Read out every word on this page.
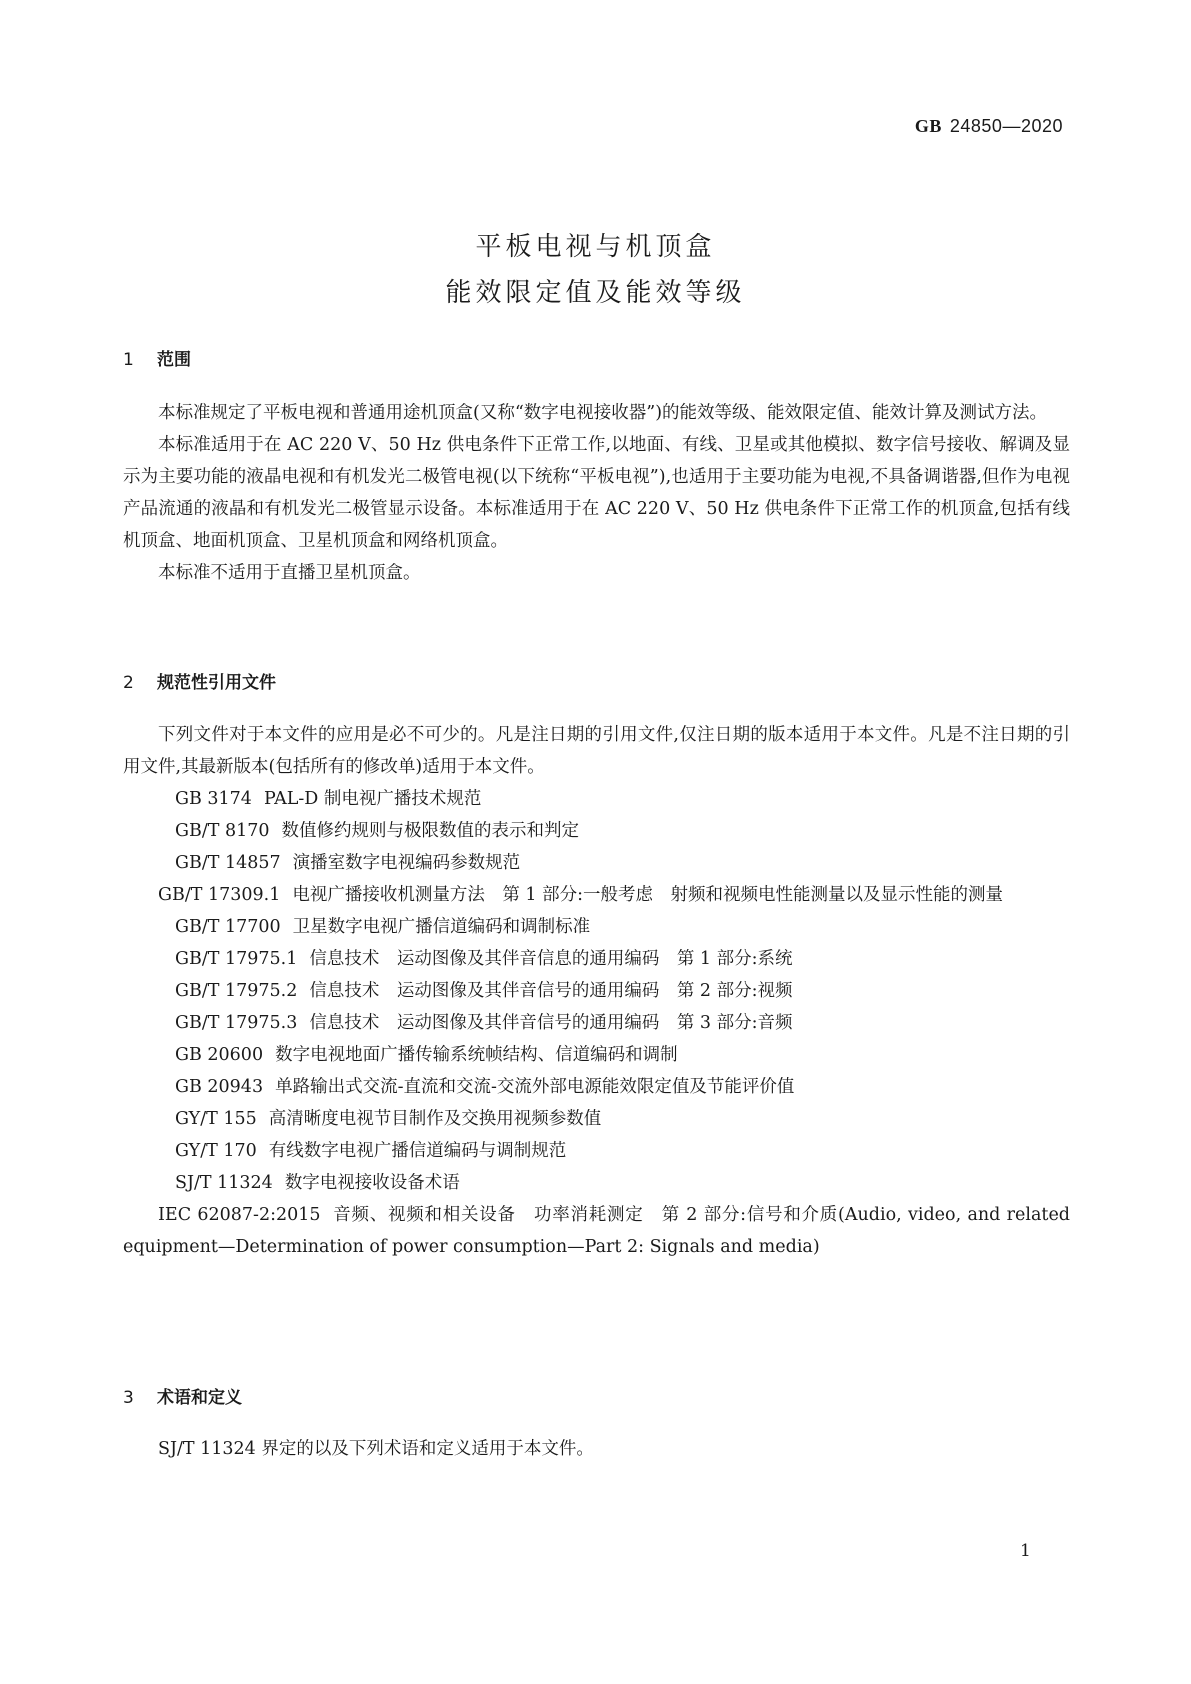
GB 24850—2020
平板电视与机顶盒
能效限定值及能效等级
1 范围

本标准规定了平板电视和普通用途机顶盒(又称“数字电视接收器”)的能效等级、能效限定值、能效计算及测试方法。

本标准适用于在 AC 220 V、50 Hz 供电条件下正常工作,以地面、有线、卫星或其他模拟、数字信号接收、解调及显示为主要功能的液晶电视和有机发光二极管电视(以下统称“平板电视”),也适用于主要功能为电视,不具备调谐器,但作为电视产品流通的液晶和有机发光二极管显示设备。本标准适用于在 AC 220 V、50 Hz 供电条件下正常工作的机顶盒,包括有线机顶盒、地面机顶盒、卫星机顶盒和网络机顶盒。

本标准不适用于直播卫星机顶盒。

2 规范性引用文件

下列文件对于本文件的应用是必不可少的。凡是注日期的引用文件,仅注日期的版本适用于本文件。凡是不注日期的引用文件,其最新版本(包括所有的修改单)适用于本文件。

GB 3174 PAL-D 制电视广播技术规范

GB/T 8170 数值修约规则与极限数值的表示和判定

GB/T 14857 演播室数字电视编码参数规范

GB/T 17309.1 电视广播接收机测量方法　第 1 部分:一般考虑　射频和视频电性能测量以及显示性能的测量

GB/T 17700 卫星数字电视广播信道编码和调制标准

GB/T 17975.1 信息技术　运动图像及其伴音信息的通用编码　第 1 部分:系统

GB/T 17975.2 信息技术　运动图像及其伴音信号的通用编码　第 2 部分:视频

GB/T 17975.3 信息技术　运动图像及其伴音信号的通用编码　第 3 部分:音频

GB 20600 数字电视地面广播传输系统帧结构、信道编码和调制

GB 20943 单路输出式交流-直流和交流-交流外部电源能效限定值及节能评价值

GY/T 155 高清晰度电视节目制作及交换用视频参数值

GY/T 170 有线数字电视广播信道编码与调制规范

SJ/T 11324 数字电视接收设备术语

IEC 62087-2:2015 音频、视频和相关设备　功率消耗测定　第 2 部分:信号和介质(Audio, video, and related equipment—Determination of power consumption—Part 2: Signals and media)

3 术语和定义

SJ/T 11324 界定的以及下列术语和定义适用于本文件。

1
